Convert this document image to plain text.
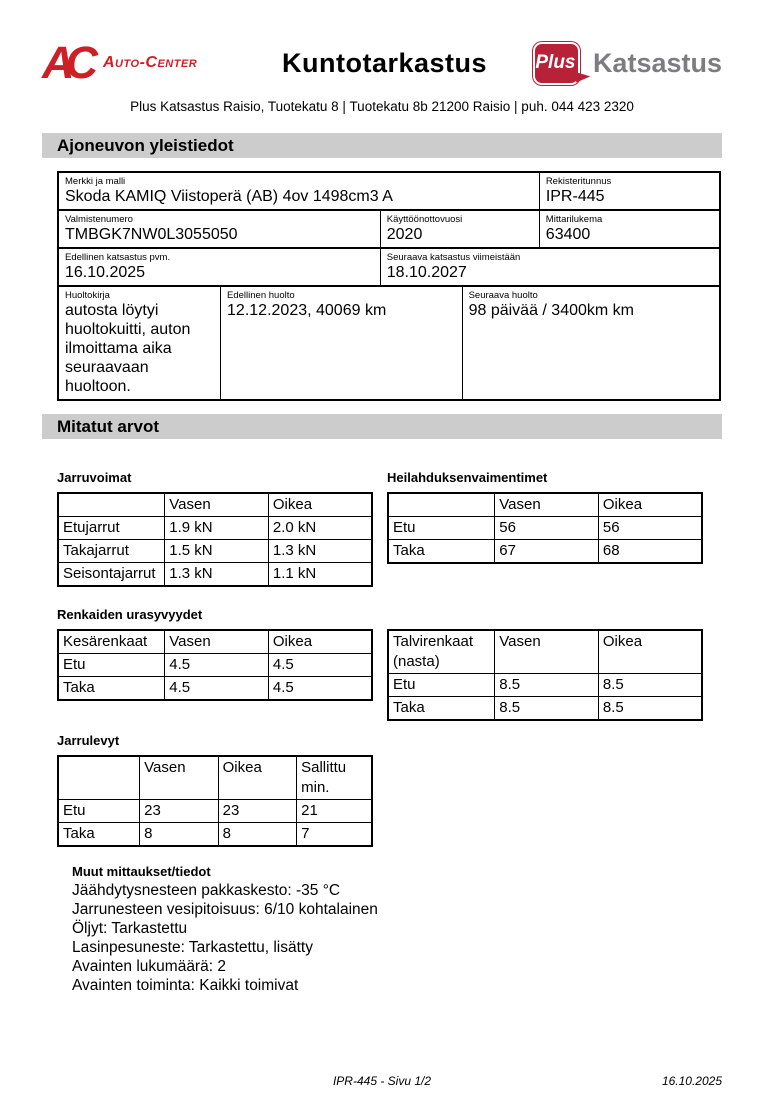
AC Auto-Center	Kuntotarkastus	Plus Katsastus
Plus Katsastus Raisio, Tuotekatu 8 | Tuotekatu 8b 21200 Raisio | puh. 044 423 2320
Ajoneuvon yleistiedot
Merkki ja malli
Skoda KAMIQ Viistoperä (AB) 4ov 1498cm3 A
Rekisteritunnus
IPR-445
Valmistenumero
TMBGK7NW0L3055050
Käyttöönottovuosi
2020
Mittarilukema
63400
Edellinen katsastus pvm.
16.10.2025
Seuraava katsastus viimeistään
18.10.2027
Huoltokirja
autosta löytyi huoltokuitti, auton ilmoittama aika seuraavaan huoltoon.
Edellinen huolto
12.12.2023, 40069 km
Seuraava huolto
98 päivää / 3400km km
Mitatut arvot
Jarruvoimat
	Vasen	Oikea
Etujarrut	1.9 kN	2.0 kN
Takajarrut	1.5 kN	1.3 kN
Seisontajarrut	1.3 kN	1.1 kN
Heilahduksenvaimentimet
	Vasen	Oikea
Etu	56	56
Taka	67	68
Renkaiden urasyvyydet
Kesärenkaat	Vasen	Oikea
Etu	4.5	4.5
Taka	4.5	4.5
Talvirenkaat (nasta)	Vasen	Oikea
Etu	8.5	8.5
Taka	8.5	8.5
Jarrulevyt
	Vasen	Oikea	Sallittu min.
Etu	23	23	21
Taka	8	8	7
Muut mittaukset/tiedot
Jäähdytysnesteen pakkaskesto: -35 °C
Jarrunesteen vesipitoisuus: 6/10 kohtalainen
Öljyt: Tarkastettu
Lasinpesuneste: Tarkastettu, lisätty
Avainten lukumäärä: 2
Avainten toiminta: Kaikki toimivat
IPR-445 - Sivu 1/2	16.10.2025
